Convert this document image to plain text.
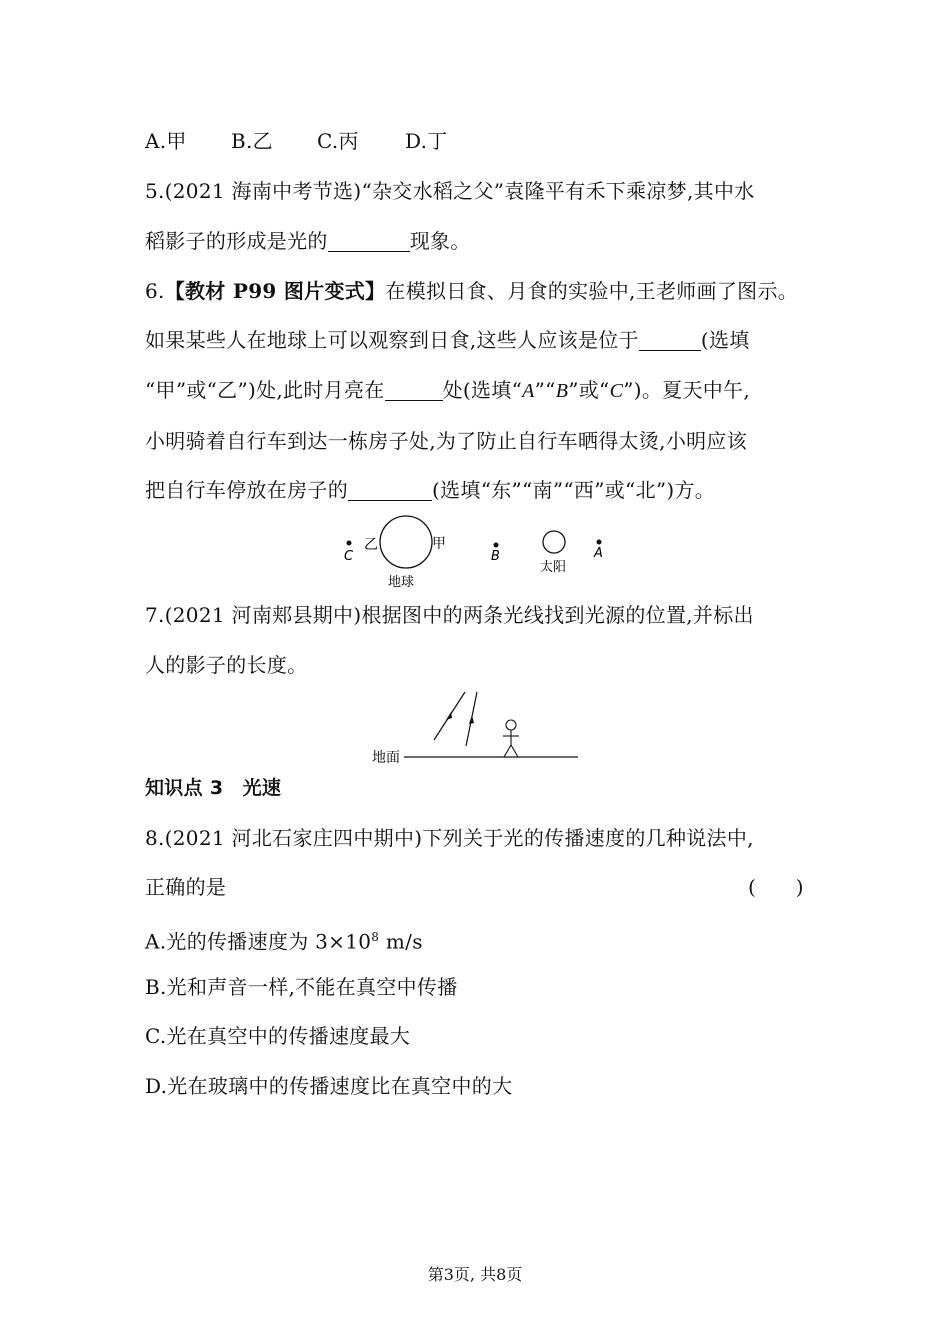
A.甲 B.乙 C.丙 D.丁
5.(2021 海南中考节选)“杂交水稻之父”袁隆平有禾下乘凉梦,其中水
稻影子的形成是光的	现象。
6.【教材 P99 图片变式】在模拟日食、月食的实验中,王老师画了图示。
如果某些人在地球上可以观察到日食,这些人应该是位于	(选填
“甲”或“乙”)处,此时月亮在	处(选填“A”“B”或“C”)。夏天中午,
小明骑着自行车到达一栋房子处,为了防止自行车晒得太烫,小明应该
把自行车停放在房子的	(选填“东”“南”“西”或“北”)方。
C
乙	甲
地球
B
太阳
A
7.(2021 河南郏县期中)根据图中的两条光线找到光源的位置,并标出
人的影子的长度。
地面
知识点 3　光速
8.(2021 河北石家庄四中期中)下列关于光的传播速度的几种说法中,
正确的是	(　　)
A.光的传播速度为 $3\times 10^8$ m/s
B.光和声音一样,不能在真空中传播
C.光在真空中的传播速度最大
D.光在玻璃中的传播速度比在真空中的大
第3页, 共8页
